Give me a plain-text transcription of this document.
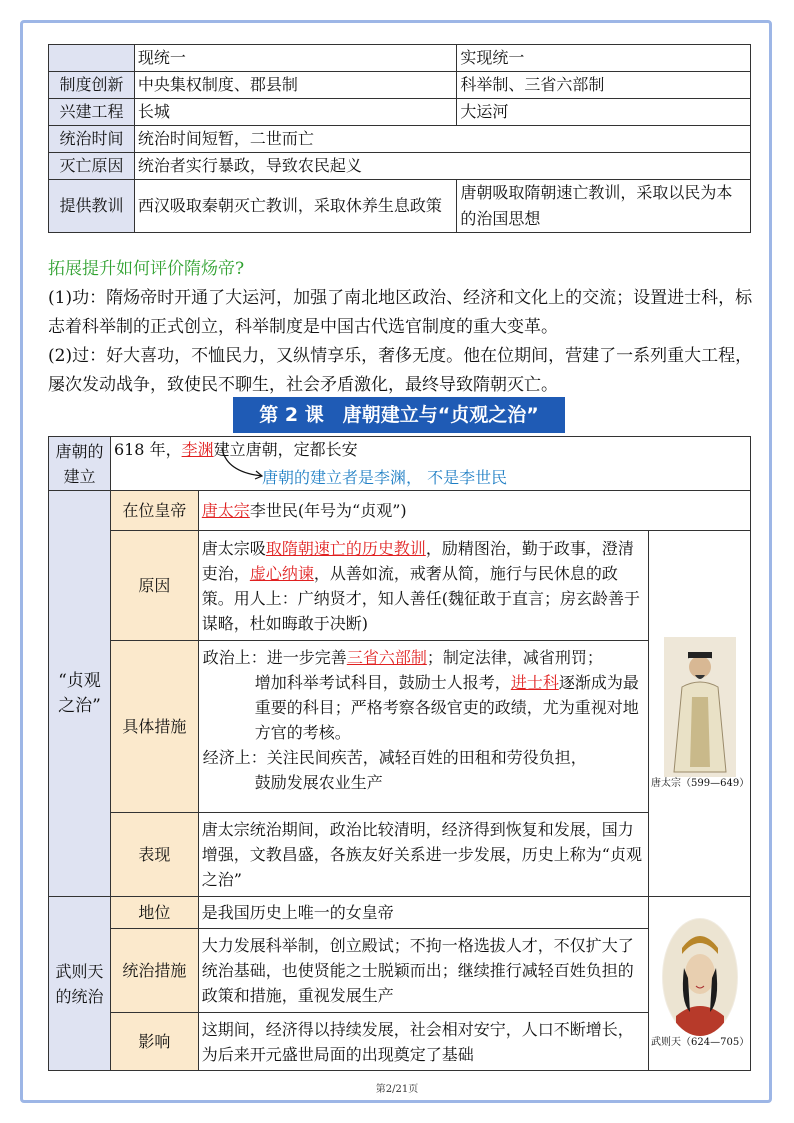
	现统一	实现统一
制度创新	中央集权制度、郡县制	科举制、三省六部制
兴建工程	长城	大运河
统治时间	统治时间短暂，二世而亡	
灭亡原因	统治者实行暴政，导致农民起义	
提供教训	西汉吸取秦朝灭亡教训，采取休养生息政策	唐朝吸取隋朝速亡教训，采取以民为本的治国思想
拓展提升如何评价隋炀帝?
(1)功：隋炀帝时开通了大运河，加强了南北地区政治、经济和文化上的交流；设置进士科，标志着科举制的正式创立，科举制度是中国古代选官制度的重大变革。
(2)过：好大喜功，不恤民力，又纵情享乐，奢侈无度。他在位期间，营建了一系列重大工程，屡次发动战争，致使民不聊生，社会矛盾激化，最终导致隋朝灭亡。
第 2 课　唐朝建立与“贞观之治”
唐朝的建立	618 年，李渊建立唐朝，定都长安		
“贞观之治”	在位皇帝	唐太宗李世民(年号为“贞观”)	
	原因	唐太宗吸取隋朝速亡的历史教训，励精图治，勤于政事，澄清吏治，虚心纳谏，从善如流，戒奢从简，施行与民休息的政策。用人上：广纳贤才，知人善任(魏征敢于直言；房玄龄善于谋略，杜如晦敢于决断)	唐太宗（599—649）

	具体措施	政治上：进一步完善三省六部制；制定法律，减省刑罚；
增加科举考试科目，鼓励士人报考，进士科逐渐成为最重要的科目；严格考察各级官吏的政绩，尤为重视对地方官的考核。
经济上：关注民间疾苦，减轻百姓的田租和劳役负担，
鼓励发展农业生产	

	表现	唐太宗统治期间，政治比较清明，经济得到恢复和发展，国力增强，文教昌盛，各族友好关系进一步发展，历史上称为“贞观之治”	
武则天的统治	地位	是我国历史上唯一的女皇帝	武则天（624—705）

	统治措施	大力发展科举制，创立殿试；不拘一格选拔人才，不仅扩大了统治基础，也使贤能之士脱颖而出；继续推行减轻百姓负担的政策和措施，重视发展生产	
	影响	这期间，经济得以持续发展，社会相对安宁，人口不断增长，为后来开元盛世局面的出现奠定了基础	
唐朝的建立者是李渊， 不是李世民
第2/21页
